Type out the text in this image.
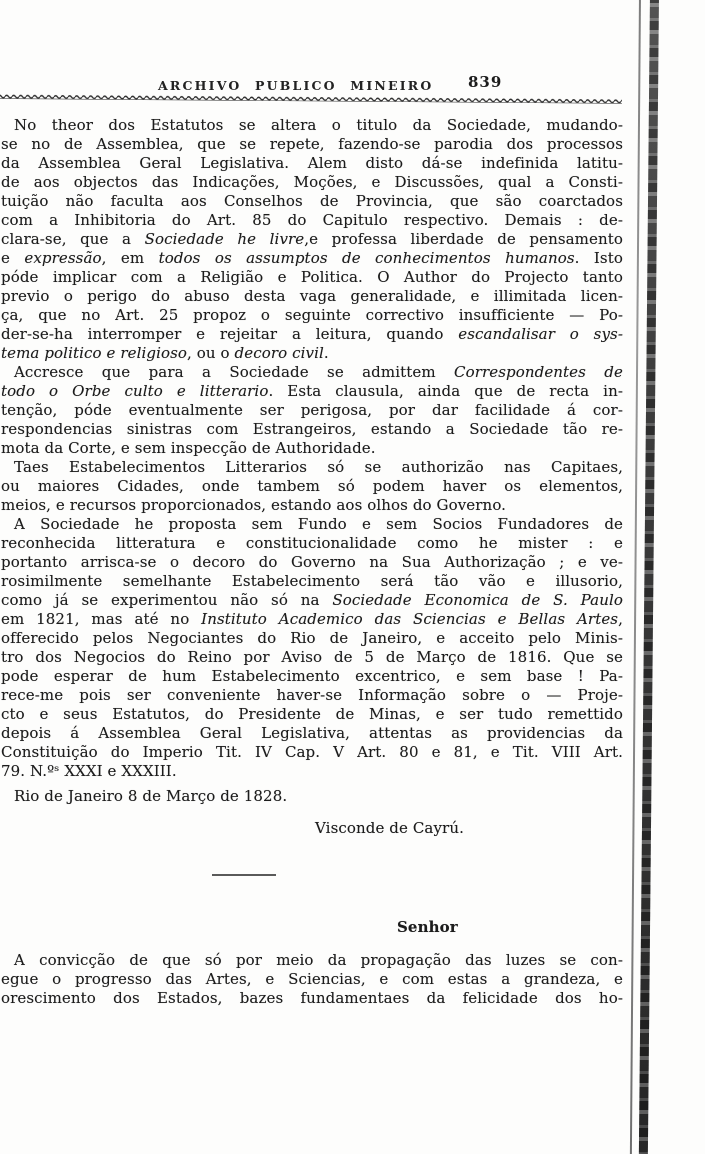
ARCHIVO PUBLICO MINEIRO 839
No theor dos Estatutos se altera o titulo da Sociedade, mudando-
se no de Assemblea, que se repete, fazendo-se parodia dos processos
da Assemblea Geral Legislativa. Alem disto dá-se indefinida latitu-
de aos objectos das Indicações, Moções, e Discussões, qual a Consti-
tuição não faculta aos Conselhos de Provincia, que são coarctados
com a Inhibitoria do Art. 85 do Capitulo respectivo. Demais : de-
clara-se, que a Sociedade he livre,e professa liberdade de pensamento
e expressão, em todos os assumptos de conhecimentos humanos. Isto
póde implicar com a Religião e Politica. O Author do Projecto tanto
previo o perigo do abuso desta vaga generalidade, e illimitada licen-
ça, que no Art. 25 propoz o seguinte correctivo insufficiente — Po-
der-se-ha interromper e rejeitar a leitura, quando escandalisar o sys-
tema politico e religioso, ou o decoro civil.
Accresce que para a Sociedade se admittem Correspondentes de
todo o Orbe culto e litterario. Esta clausula, ainda que de recta in-
tenção, póde eventualmente ser perigosa, por dar facilidade á cor-
respondencias sinistras com Estrangeiros, estando a Sociedade tão re-
mota da Corte, e sem inspecção de Authoridade.
Taes Estabelecimentos Litterarios só se authorizão nas Capitaes,
ou maiores Cidades, onde tambem só podem haver os elementos,
meios, e recursos proporcionados, estando aos olhos do Governo.
A Sociedade he proposta sem Fundo e sem Socios Fundadores de
reconhecida litteratura e constitucionalidade como he mister : e
portanto arrisca-se o decoro do Governo na Sua Authorização ; e ve-
rosimilmente semelhante Estabelecimento será tão vão e illusorio,
como já se experimentou não só na Sociedade Economica de S. Paulo
em 1821, mas até no Instituto Academico das Sciencias e Bellas Artes,
offerecido pelos Negociantes do Rio de Janeiro, e acceito pelo Minis-
tro dos Negocios do Reino por Aviso de 5 de Março de 1816. Que se
pode esperar de hum Estabelecimento excentrico, e sem base ! Pa-
rece-me pois ser conveniente haver-se Informação sobre o — Proje-
cto e seus Estatutos, do Presidente de Minas, e ser tudo remettido
depois á Assemblea Geral Legislativa, attentas as providencias da
Constituição do Imperio Tit. IV Cap. V Art. 80 e 81, e Tit. VIII Art.
79. N.ºˢ XXXI e XXXIII.
Rio de Janeiro 8 de Março de 1828.
Visconde de Cayrú.
Senhor
A convicção de que só por meio da propagação das luzes se con-
egue o progresso das Artes, e Sciencias, e com estas a grandeza, e
orescimento dos Estados, bazes fundamentaes da felicidade dos ho-
